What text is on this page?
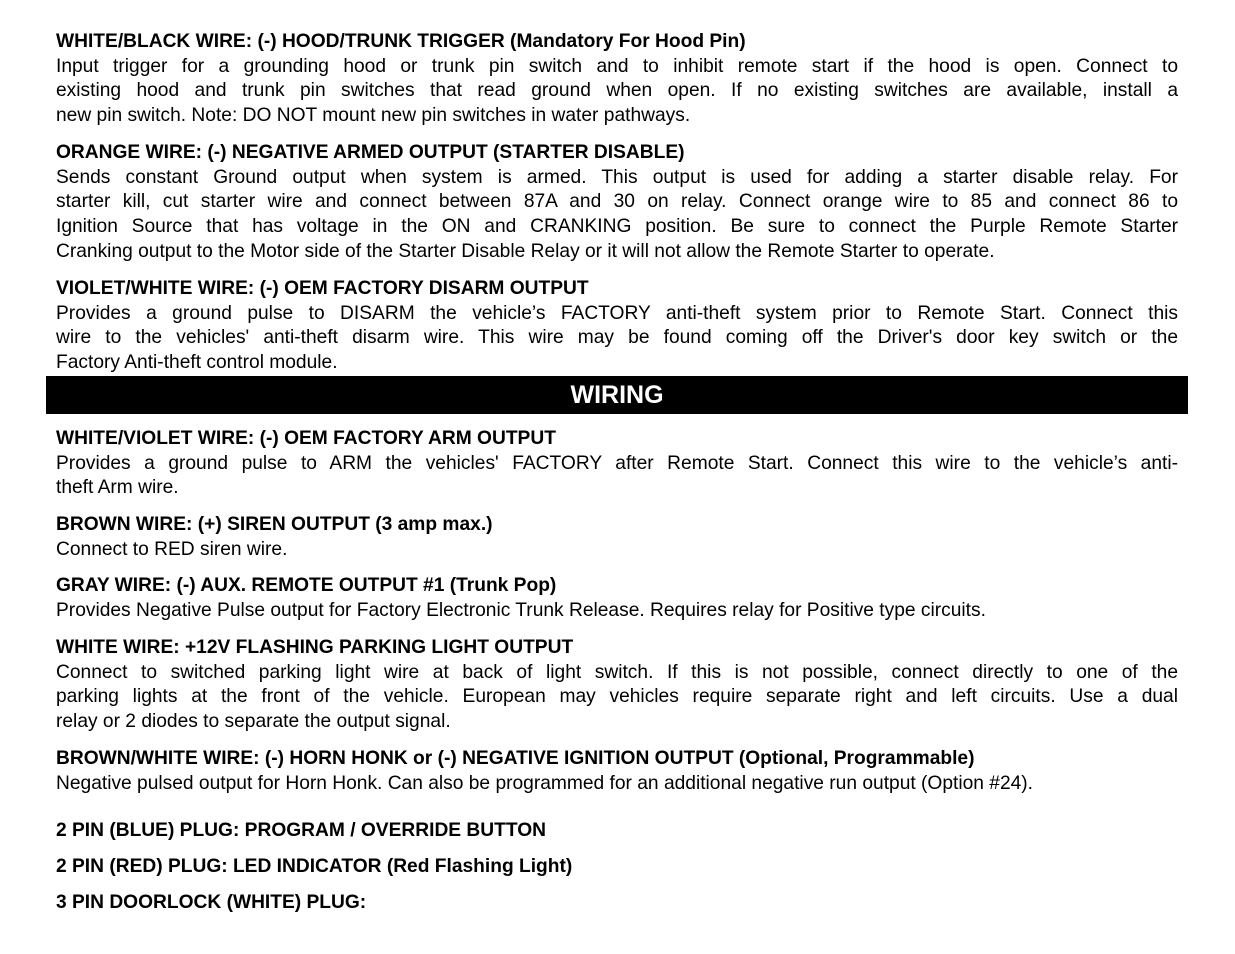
WHITE/BLACK WIRE: (-) HOOD/TRUNK TRIGGER (Mandatory For Hood Pin)
Input trigger for a grounding hood or trunk pin switch and to inhibit remote start if the hood is open. Connect to
existing hood and trunk pin switches that read ground when open. If no existing switches are available, install a
new pin switch. Note: DO NOT mount new pin switches in water pathways.
ORANGE WIRE: (-) NEGATIVE ARMED OUTPUT (STARTER DISABLE)
Sends constant Ground output when system is armed. This output is used for adding a starter disable relay. For
starter kill, cut starter wire and connect between 87A and 30 on relay. Connect orange wire to 85 and connect 86 to
Ignition Source that has voltage in the ON and CRANKING position. Be sure to connect the Purple Remote Starter
Cranking output to the Motor side of the Starter Disable Relay or it will not allow the Remote Starter to operate.
VIOLET/WHITE WIRE: (-) OEM FACTORY DISARM OUTPUT
Provides a ground pulse to DISARM the vehicle’s FACTORY anti-theft system prior to Remote Start. Connect this
wire to the vehicles' anti-theft disarm wire. This wire may be found coming off the Driver's door key switch or the
Factory Anti-theft control module.
WIRING
WHITE/VIOLET WIRE: (-) OEM FACTORY ARM OUTPUT
Provides a ground pulse to ARM the vehicles' FACTORY after Remote Start. Connect this wire to the vehicle’s anti-
theft Arm wire.
BROWN WIRE: (+) SIREN OUTPUT (3 amp max.)
Connect to RED siren wire.
GRAY WIRE: (-) AUX. REMOTE OUTPUT #1 (Trunk Pop)
Provides Negative Pulse output for Factory Electronic Trunk Release. Requires relay for Positive type circuits.
WHITE WIRE: +12V FLASHING PARKING LIGHT OUTPUT
Connect to switched parking light wire at back of light switch. If this is not possible, connect directly to one of the
parking lights at the front of the vehicle. European may vehicles require separate right and left circuits. Use a dual
relay or 2 diodes to separate the output signal.
BROWN/WHITE WIRE: (-) HORN HONK or (-) NEGATIVE IGNITION OUTPUT (Optional, Programmable)
Negative pulsed output for Horn Honk. Can also be programmed for an additional negative run output (Option #24).
2 PIN (BLUE) PLUG: PROGRAM / OVERRIDE BUTTON
2 PIN (RED) PLUG: LED INDICATOR (Red Flashing Light)
3 PIN DOORLOCK (WHITE) PLUG:
